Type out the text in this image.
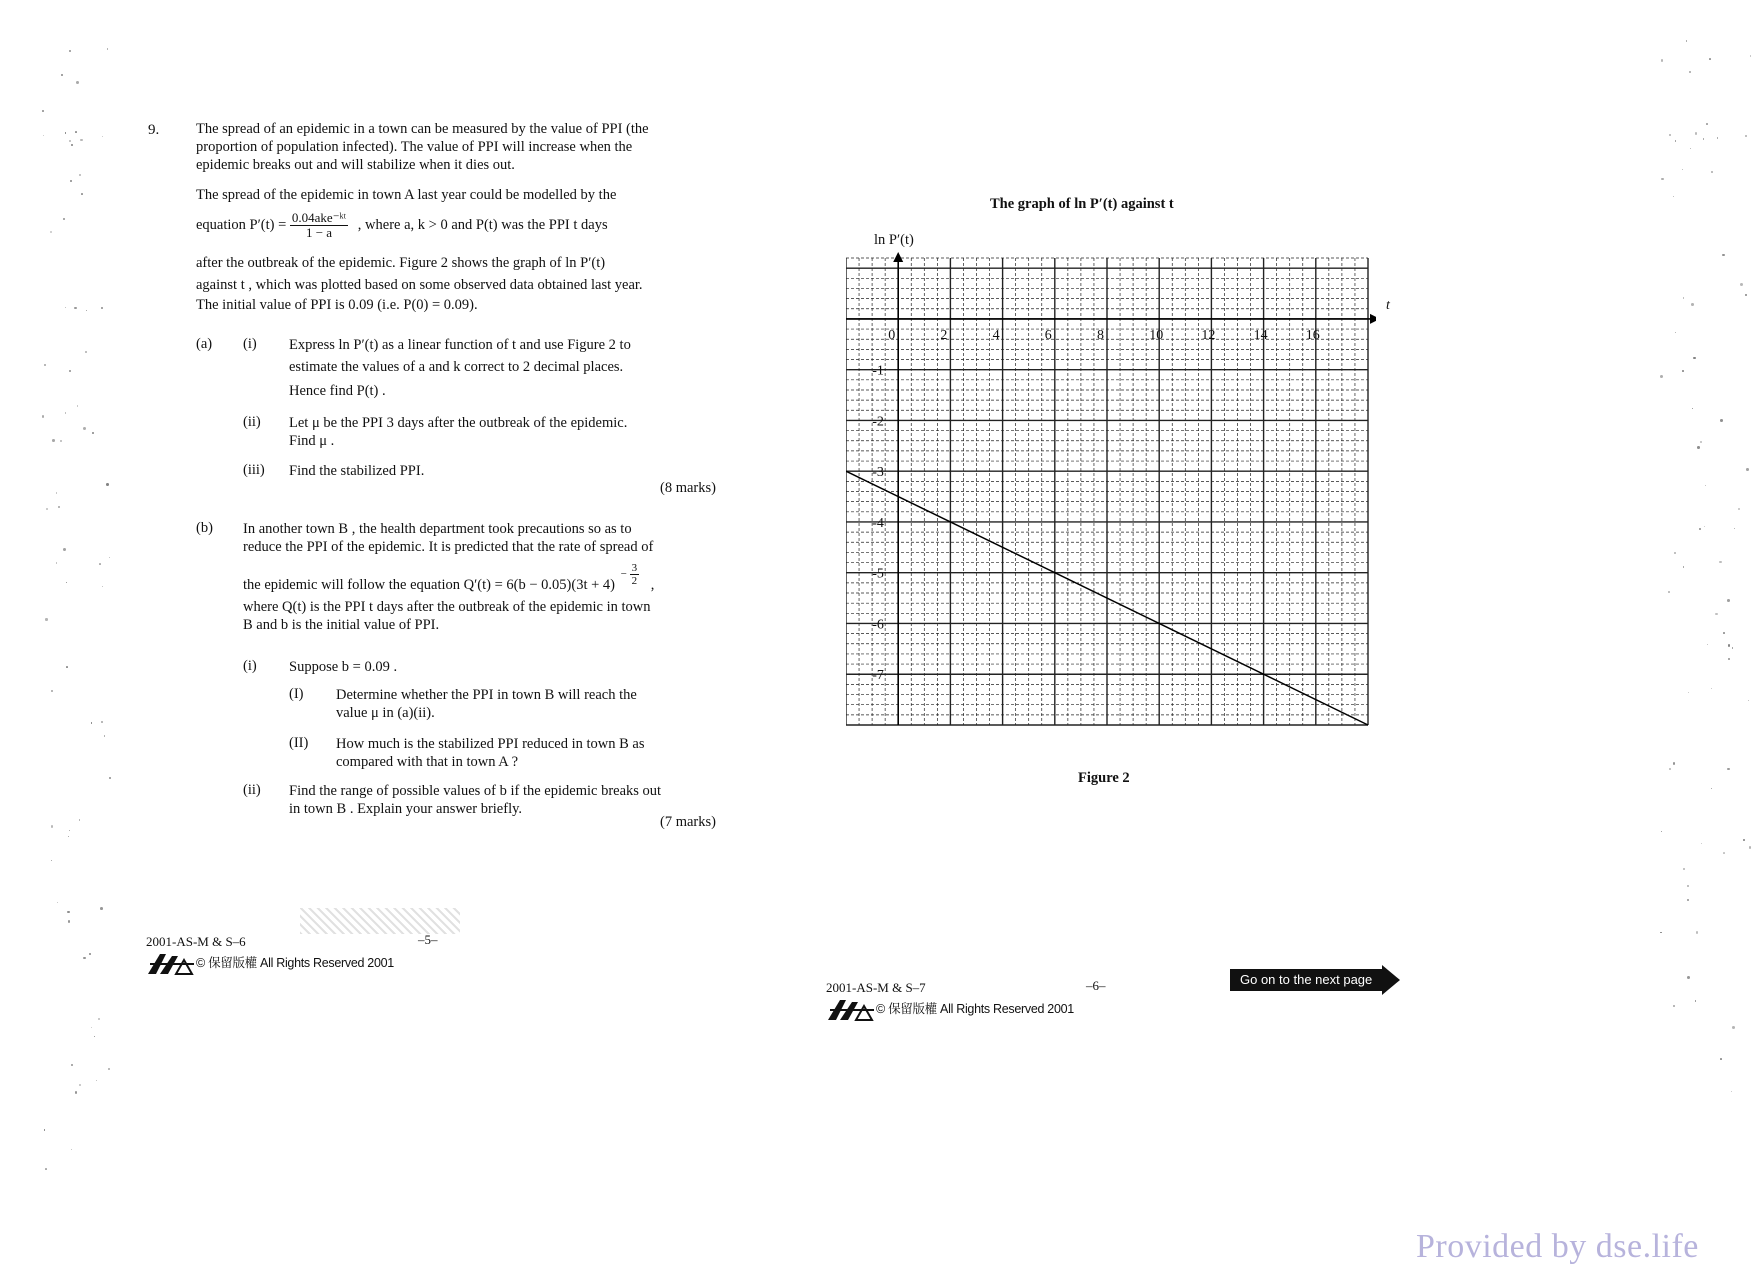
9.	The spread of an epidemic in a town can be measured by the value of PPI (the
proportion of population infected). The value of PPI will increase when the
epidemic breaks out and will stabilize when it dies out.
The spread of the epidemic in town A last year could be modelled by the
equation $P'(t) = \frac{\text{0.04ake⁻ᵏᵗ}}{1 - a}$ , where a, k > 0 and P(t) was the PPI t days
after the outbreak of the epidemic. Figure 2 shows the graph of ln P′(t)
against t , which was plotted based on some observed data obtained last year.
The initial value of PPI is 0.09 (i.e. P(0) = 0.09).
(a) (i) Express ln P′(t) as a linear function of t and use Figure 2 to
estimate the values of a and k correct to 2 decimal places.
Hence find P(t) .
(ii) Let μ be the PPI 3 days after the outbreak of the epidemic.
Find μ .
(iii) Find the stabilized PPI.
(8 marks)
(b) In another town B , the health department took precautions so as to
reduce the PPI of the epidemic. It is predicted that the rate of spread of
the epidemic will follow the equation $Q'(t) = 6(b - 0.05)(3t + 4) - \frac{3}{2}$ ,
where Q(t) is the PPI t days after the outbreak of the epidemic in town
B and b is the initial value of PPI.
(i) Suppose b = 0.09 .
(I) Determine whether the PPI in town B will reach the
value μ in (a)(ii).
(II) How much is the stabilized PPI reduced in town B as
compared with that in town A ?
(ii) Find the range of possible values of b if the epidemic breaks out
in town B . Explain your answer briefly.
(7 marks)
2001-AS-M & S–6	–5–
© 保留版權 All Rights Reserved 2001
The graph of ln P′(t) against t
ln P′(t)
t
0	2	4	6	8	10	12	14	16
-1
-2
-3
-4
-5
-6
-7
Figure 2
2001-AS-M & S–7	–6–
© 保留版權 All Rights Reserved 2001
Go on to the next page
Provided by dse.life
